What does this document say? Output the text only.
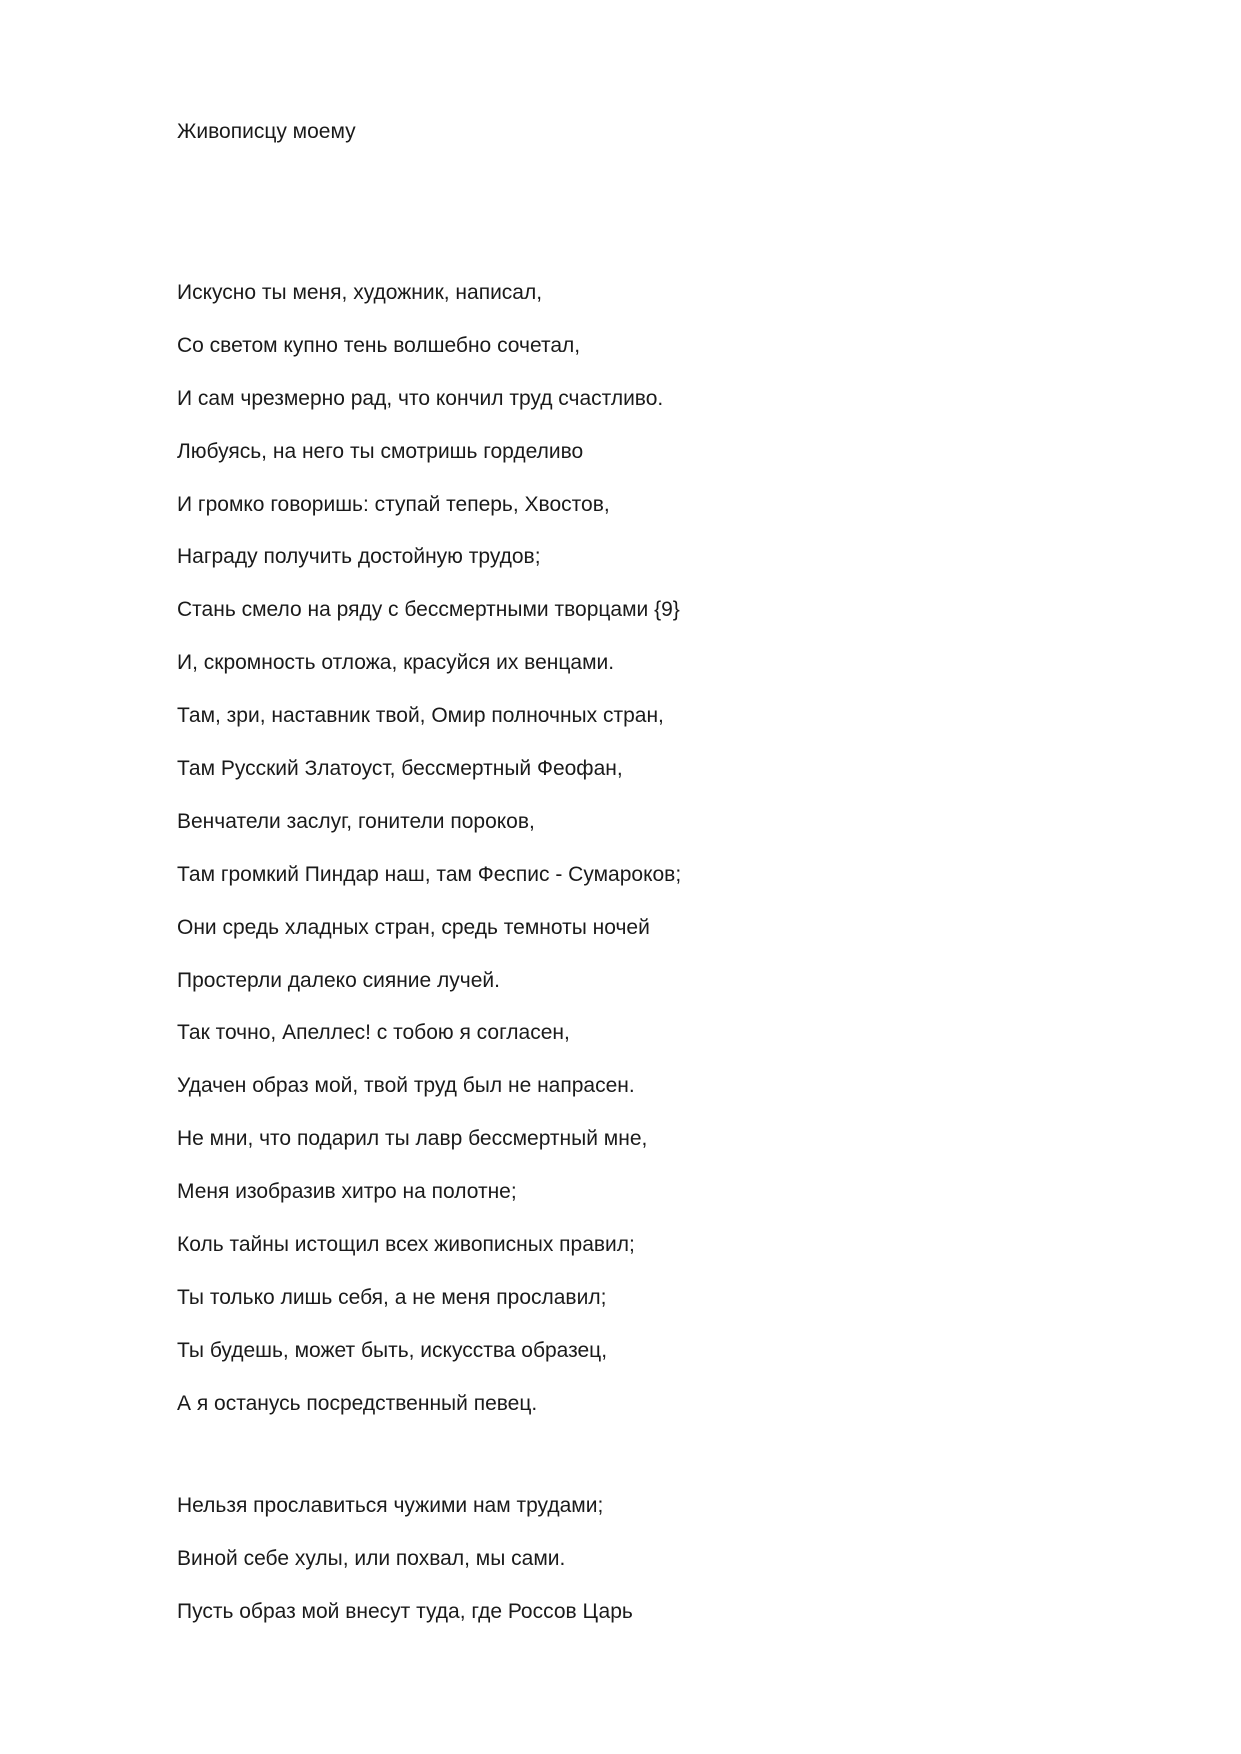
Живописцу моему
Искусно ты меня, художник, написал,
Со светом купно тень волшебно сочетал,
И сам чрезмерно рад, что кончил труд счастливо.
Любуясь, на него ты смотришь горделиво
И громко говоришь: ступай теперь, Хвостов,
Награду получить достойную трудов;
Стань смело на ряду с бессмертными творцами {9}
И, скромность отложа, красуйся их венцами.
Там, зри, наставник твой, Омир полночных стран,
Там Русский Златоуст, бессмертный Феофан,
Венчатели заслуг, гонители пороков,
Там громкий Пиндар наш, там Феспис - Сумароков;
Они средь хладных стран, средь темноты ночей
Простерли далеко сияние лучей.
Так точно, Апеллес! с тобою я согласен,
Удачен образ мой, твой труд был не напрасен.
Не мни, что подарил ты лавр бессмертный мне,
Меня изобразив хитро на полотне;
Коль тайны истощил всех живописных правил;
Ты только лишь себя, а не меня прославил;
Ты будешь, может быть, искусства образец,
А я останусь посредственный певец.
Нельзя прославиться чужими нам трудами;
Виной себе хулы, или похвал, мы сами.
Пусть образ мой внесут туда, где Россов Царь
